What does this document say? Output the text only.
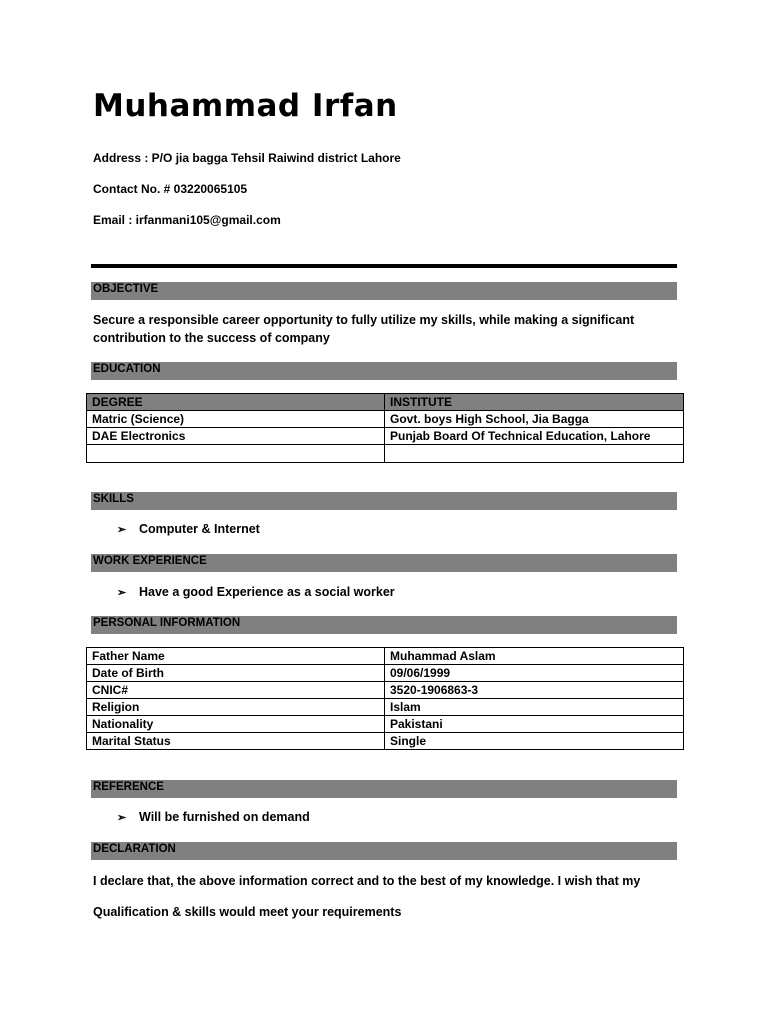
Muhammad Irfan
Address : P/O jia bagga Tehsil Raiwind district Lahore
Contact No. # 03220065105
Email : irfanmani105@gmail.com
OBJECTIVE
Secure a responsible career opportunity to fully utilize my skills, while making a significant contribution to the success of company
EDUCATION
DEGREE	INSTITUTE
Matric (Science)	Govt. boys High School, Jia Bagga
DAE Electronics	Punjab Board Of Technical Education, Lahore

SKILLS
➢ Computer & Internet
WORK EXPERIENCE
➢ Have a good Experience as a social worker
PERSONAL INFORMATION
Father Name	Muhammad Aslam
Date of Birth	09/06/1999
CNIC#	3520-1906863-3
Religion	Islam
Nationality	Pakistani
Marital Status	Single
REFERENCE
➢ Will be furnished on demand
DECLARATION
I declare that, the above information correct and to the best of my knowledge. I wish that my
Qualification & skills would meet your requirements
